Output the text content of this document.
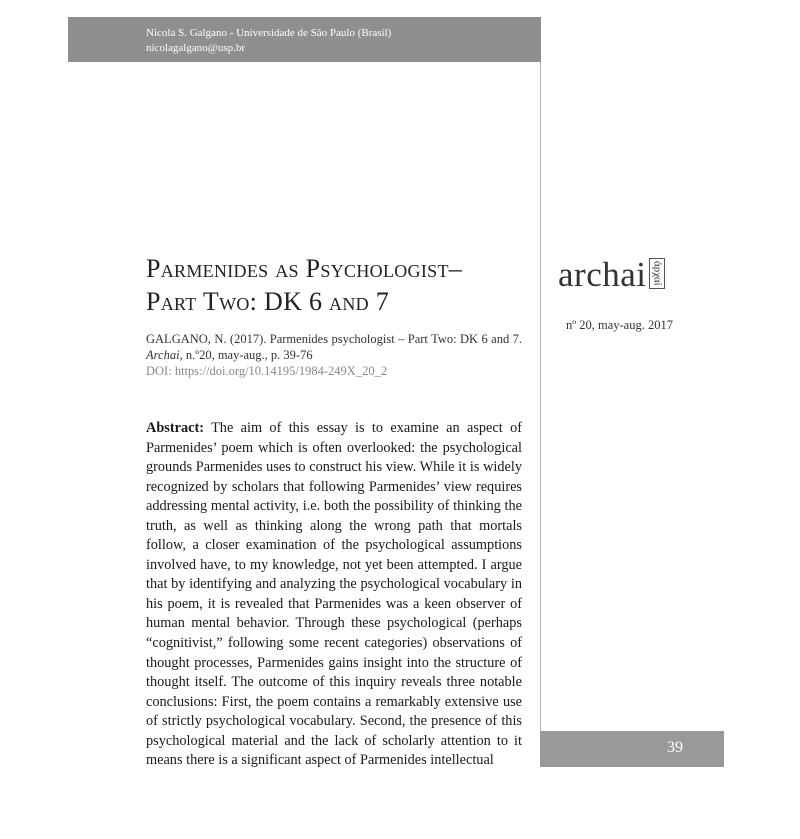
Nicola S. Galgano - Universidade de São Paulo (Brasil)
nicolagalgano@usp.br
Parmenides as Psychologist–
Part Two: DK 6 and 7
GALGANO, N. (2017). Parmenides psychologist – Part Two: DK 6 and 7. Archai, n.º20, may-aug., p. 39-76
DOI: https://doi.org/10.14195/1984-249X_20_2
Abstract: The aim of this essay is to examine an aspect of Parmenides’ poem which is often overlooked: the psychological grounds Parmenides uses to construct his view. While it is widely recognized by scholars that following Parmenides’ view requires addressing mental activity, i.e. both the possibility of thinking the truth, as well as thinking along the wrong path that mortals follow, a closer examination of the psychological assumptions involved have, to my knowledge, not yet been attempted. I argue that by identifying and analyzing the psychological vocabulary in his poem, it is revealed that Parmenides was a keen observer of human mental behavior. Through these psychological (perhaps “cognitivist,” following some recent categories) observations of thought processes, Parmenides gains insight into the structure of thought itself. The outcome of this inquiry reveals three notable conclusions: First, the poem contains a remarkably extensive use of strictly psychological vocabulary. Second, the presence of this psychological material and the lack of scholarly attention to it means there is a significant aspect of Parmenides intellectual
archai ἀρχαί
nº 20, may-aug. 2017
39
